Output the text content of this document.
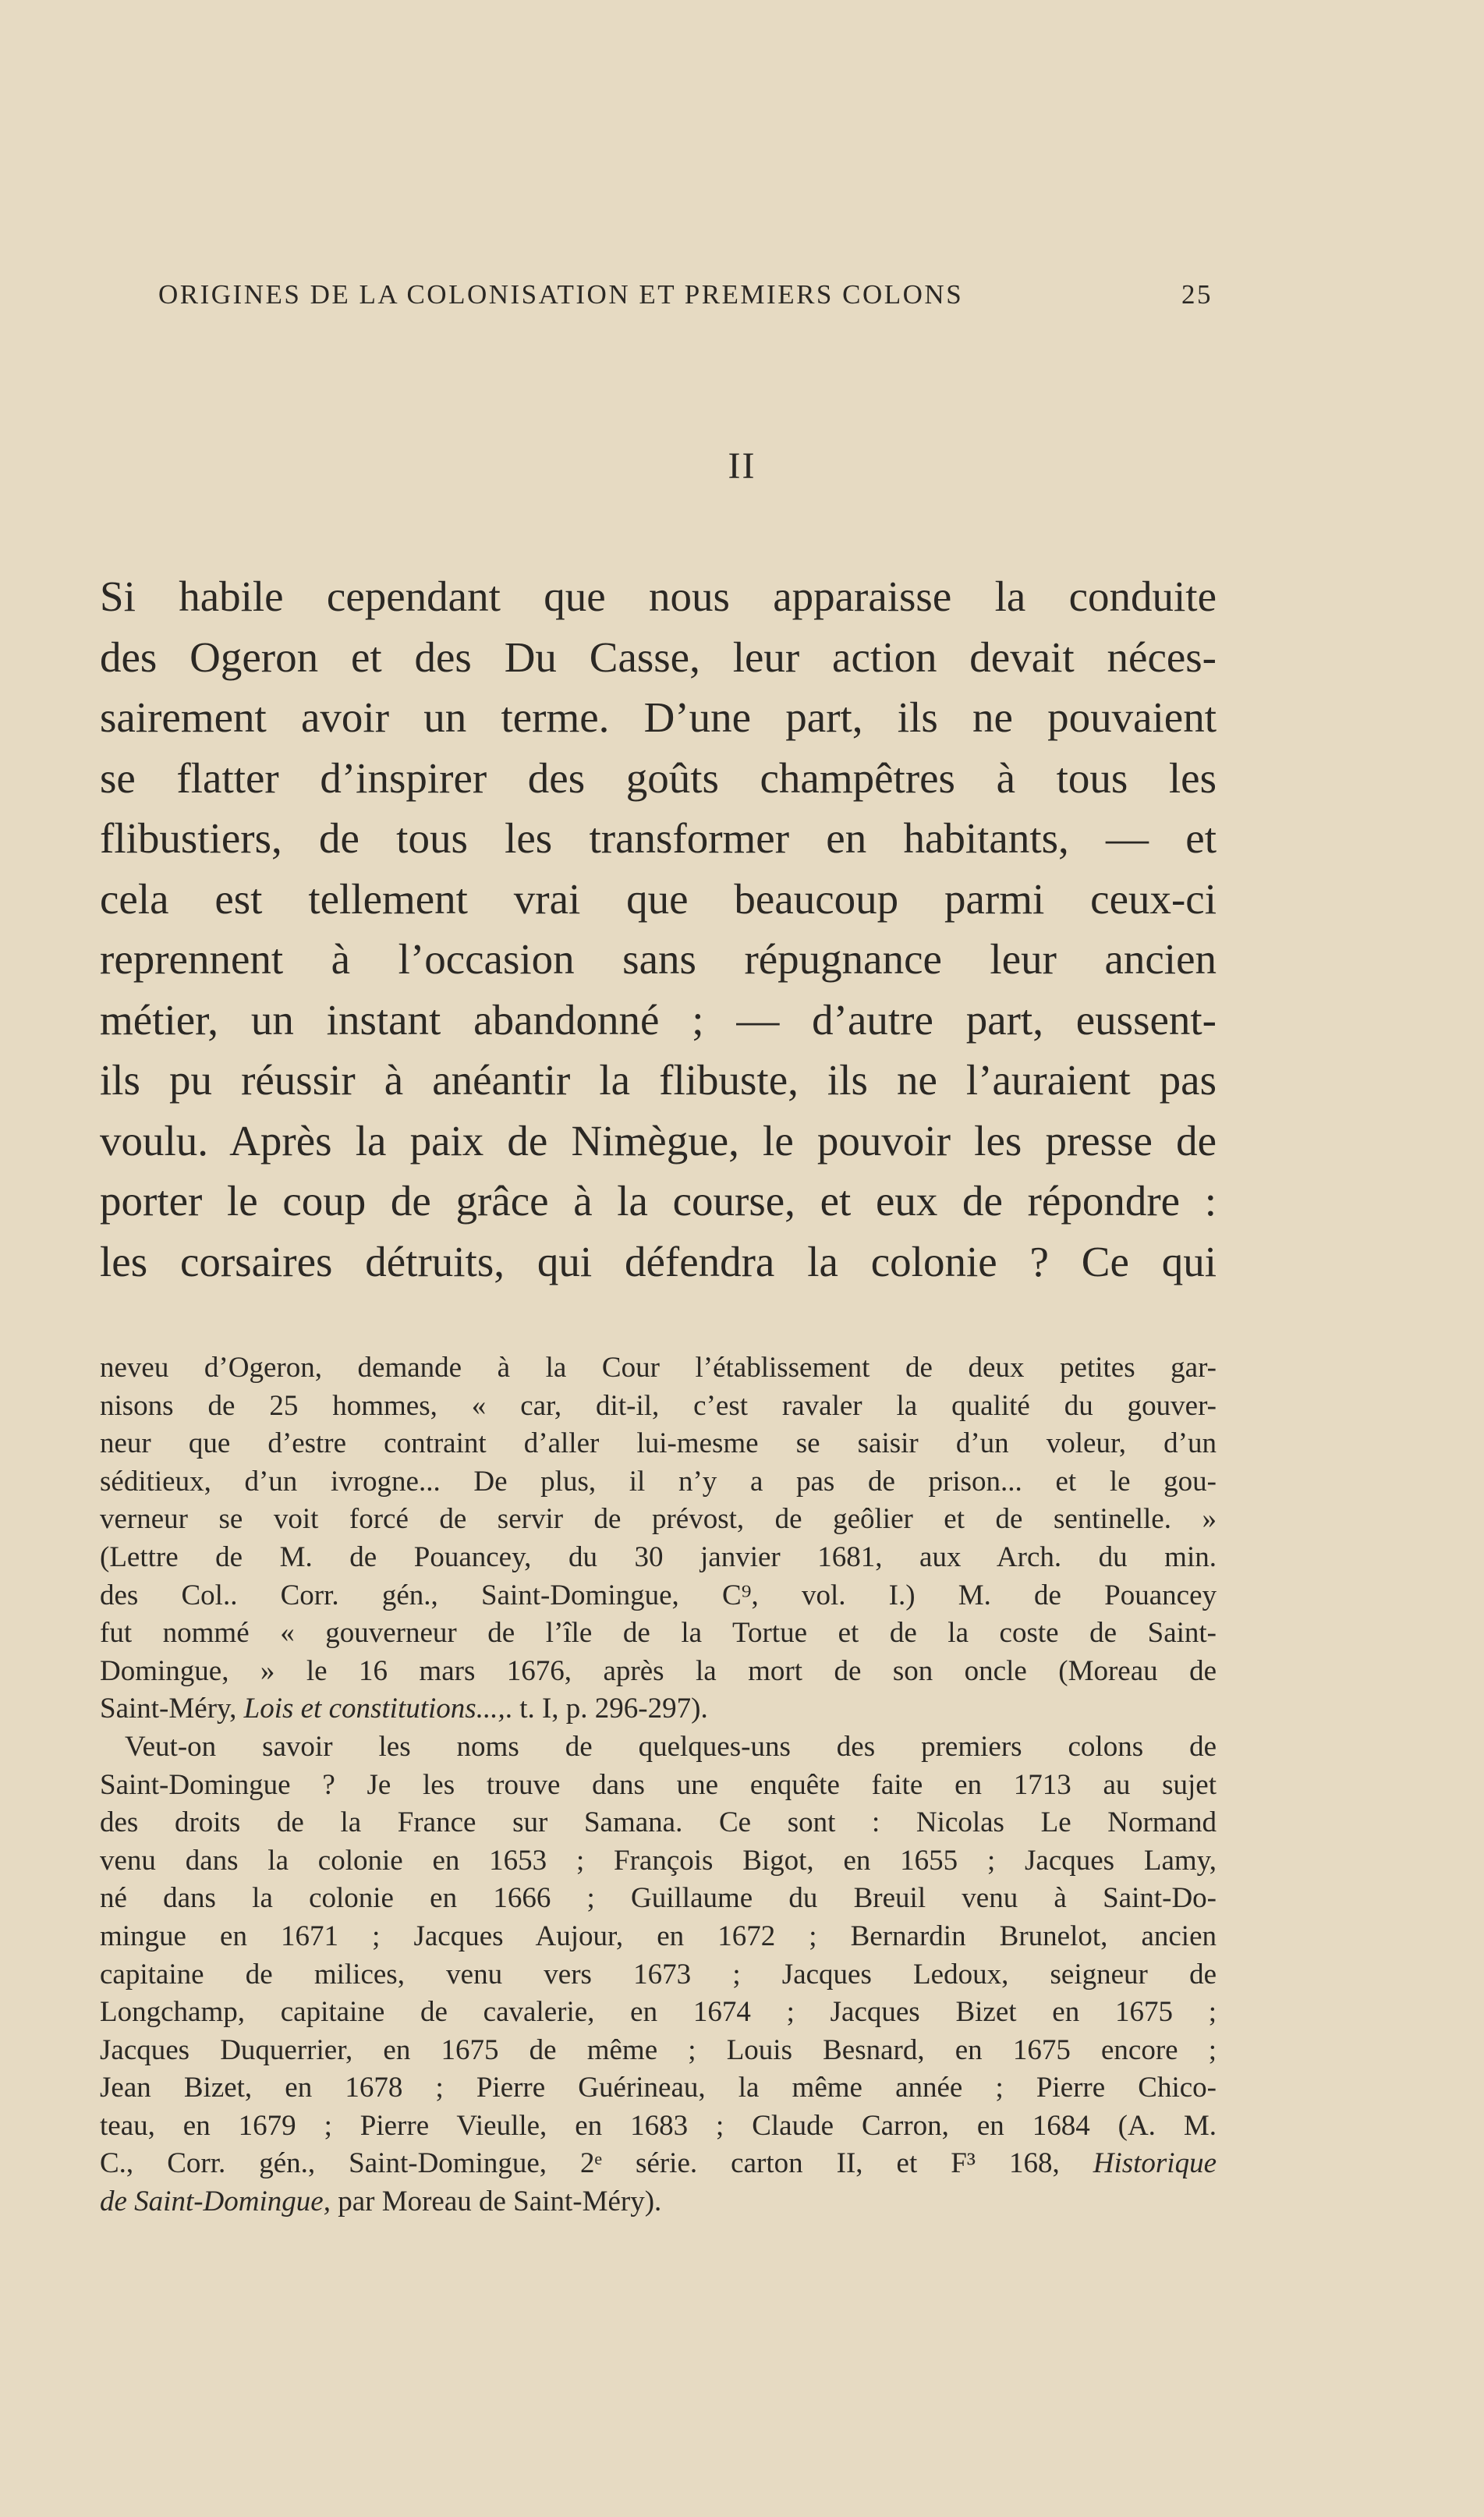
ORIGINES DE LA COLONISATION ET PREMIERS COLONS	25
II

Si habile cependant que nous apparaisse la conduite
des Ogeron et des Du Casse, leur action devait néces-
sairement avoir un terme. D’une part, ils ne pouvaient
se flatter d’inspirer des goûts champêtres à tous les
flibustiers, de tous les transformer en habitants, — et
cela est tellement vrai que beaucoup parmi ceux-ci
reprennent à l’occasion sans répugnance leur ancien
métier, un instant abandonné ; — d’autre part, eussent-
ils pu réussir à anéantir la flibuste, ils ne l’auraient pas
voulu. Après la paix de Nimègue, le pouvoir les presse de
porter le coup de grâce à la course, et eux de répondre :
les corsaires détruits, qui défendra la colonie ? Ce qui

neveu d’Ogeron, demande à la Cour l’établissement de deux petites gar-
nisons de 25 hommes, « car, dit-il, c’est ravaler la qualité du gouver-
neur que d’estre contraint d’aller lui-mesme se saisir d’un voleur, d’un
séditieux, d’un ivrogne... De plus, il n’y a pas de prison... et le gou-
verneur se voit forcé de servir de prévost, de geôlier et de sentinelle. »
(Lettre de M. de Pouancey, du 30 janvier 1681, aux Arch. du min.
des Col.. Corr. gén., Saint-Domingue, C⁹, vol. I.) M. de Pouancey
fut nommé « gouverneur de l’île de la Tortue et de la coste de Saint-
Domingue, » le 16 mars 1676, après la mort de son oncle (Moreau de
Saint-Méry, Lois et constitutions...,. t. I, p. 296-297).
Veut-on savoir les noms de quelques-uns des premiers colons de
Saint-Domingue ? Je les trouve dans une enquête faite en 1713 au sujet
des droits de la France sur Samana. Ce sont : Nicolas Le Normand
venu dans la colonie en 1653 ; François Bigot, en 1655 ; Jacques Lamy,
né dans la colonie en 1666 ; Guillaume du Breuil venu à Saint-Do-
mingue en 1671 ; Jacques Aujour, en 1672 ; Bernardin Brunelot, ancien
capitaine de milices, venu vers 1673 ; Jacques Ledoux, seigneur de
Longchamp, capitaine de cavalerie, en 1674 ; Jacques Bizet en 1675 ;
Jacques Duquerrier, en 1675 de même ; Louis Besnard, en 1675 encore ;
Jean Bizet, en 1678 ; Pierre Guérineau, la même année ; Pierre Chico-
teau, en 1679 ; Pierre Vieulle, en 1683 ; Claude Carron, en 1684 (A. M.
C., Corr. gén., Saint-Domingue, 2ᵉ série. carton II, et F³ 168, Historique
de Saint-Domingue, par Moreau de Saint-Méry).
